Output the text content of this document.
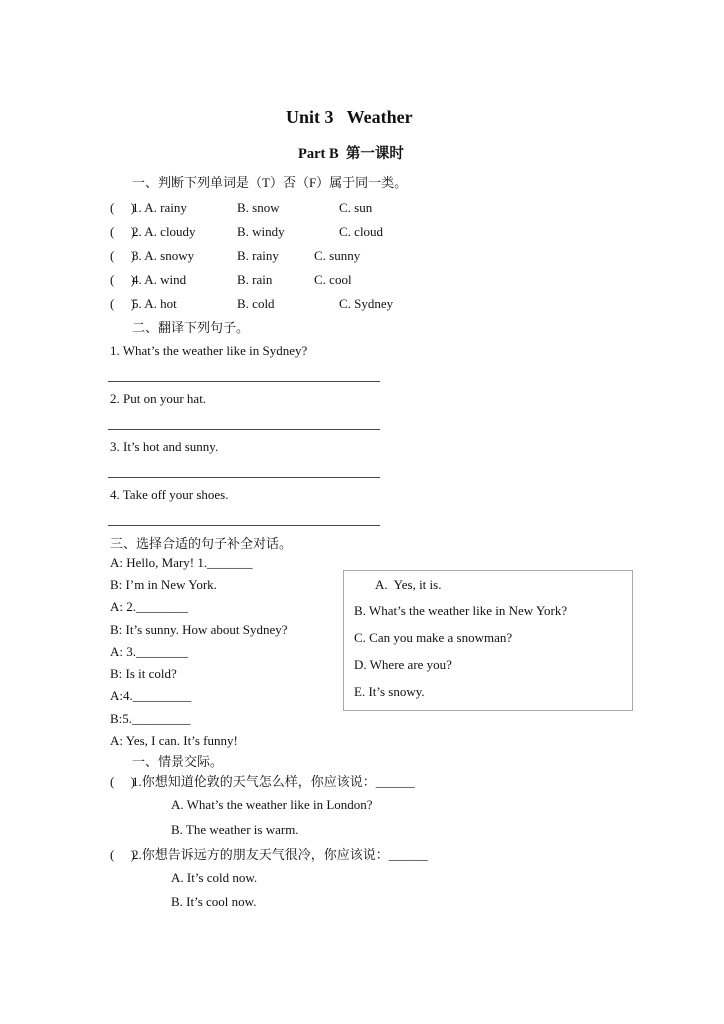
Unit 3   Weather
Part B  第一课时
一、判断下列单词是（T）否（F）属于同一类。
(     )
1. A. rainy	B. snow	C. sun
(     )
2. A. cloudy	B. windy	C. cloud
(     )
3. A. snowy	B. rainy	C. sunny
(     )
4. A. wind	B. rain	C. cool
(     )
5. A. hot	B. cold	C. Sydney
二、翻译下列句子。
1. What’s the weather like in Sydney?
2. Put on your hat.
3. It’s hot and sunny.
4. Take off your shoes.
三、选择合适的句子补全对话。
A: Hello, Mary! 1._______
B: I’m in New York.
A: 2.________
B: It’s sunny. How about Sydney?
A: 3.________
B: Is it cold?
A:4._________
B:5._________
A: Yes, I can. It’s funny!
A.  Yes, it is.
B. What’s the weather like in New York?
C. Can you make a snowman?
D. Where are you?
E. It’s snowy.
一、情景交际。
(     )
1.你想知道伦敦的天气怎么样，你应该说：______
A. What’s the weather like in London?
B. The weather is warm.
(     )
2.你想告诉远方的朋友天气很冷，你应该说：______
A. It’s cold now.
B. It’s cool now.
